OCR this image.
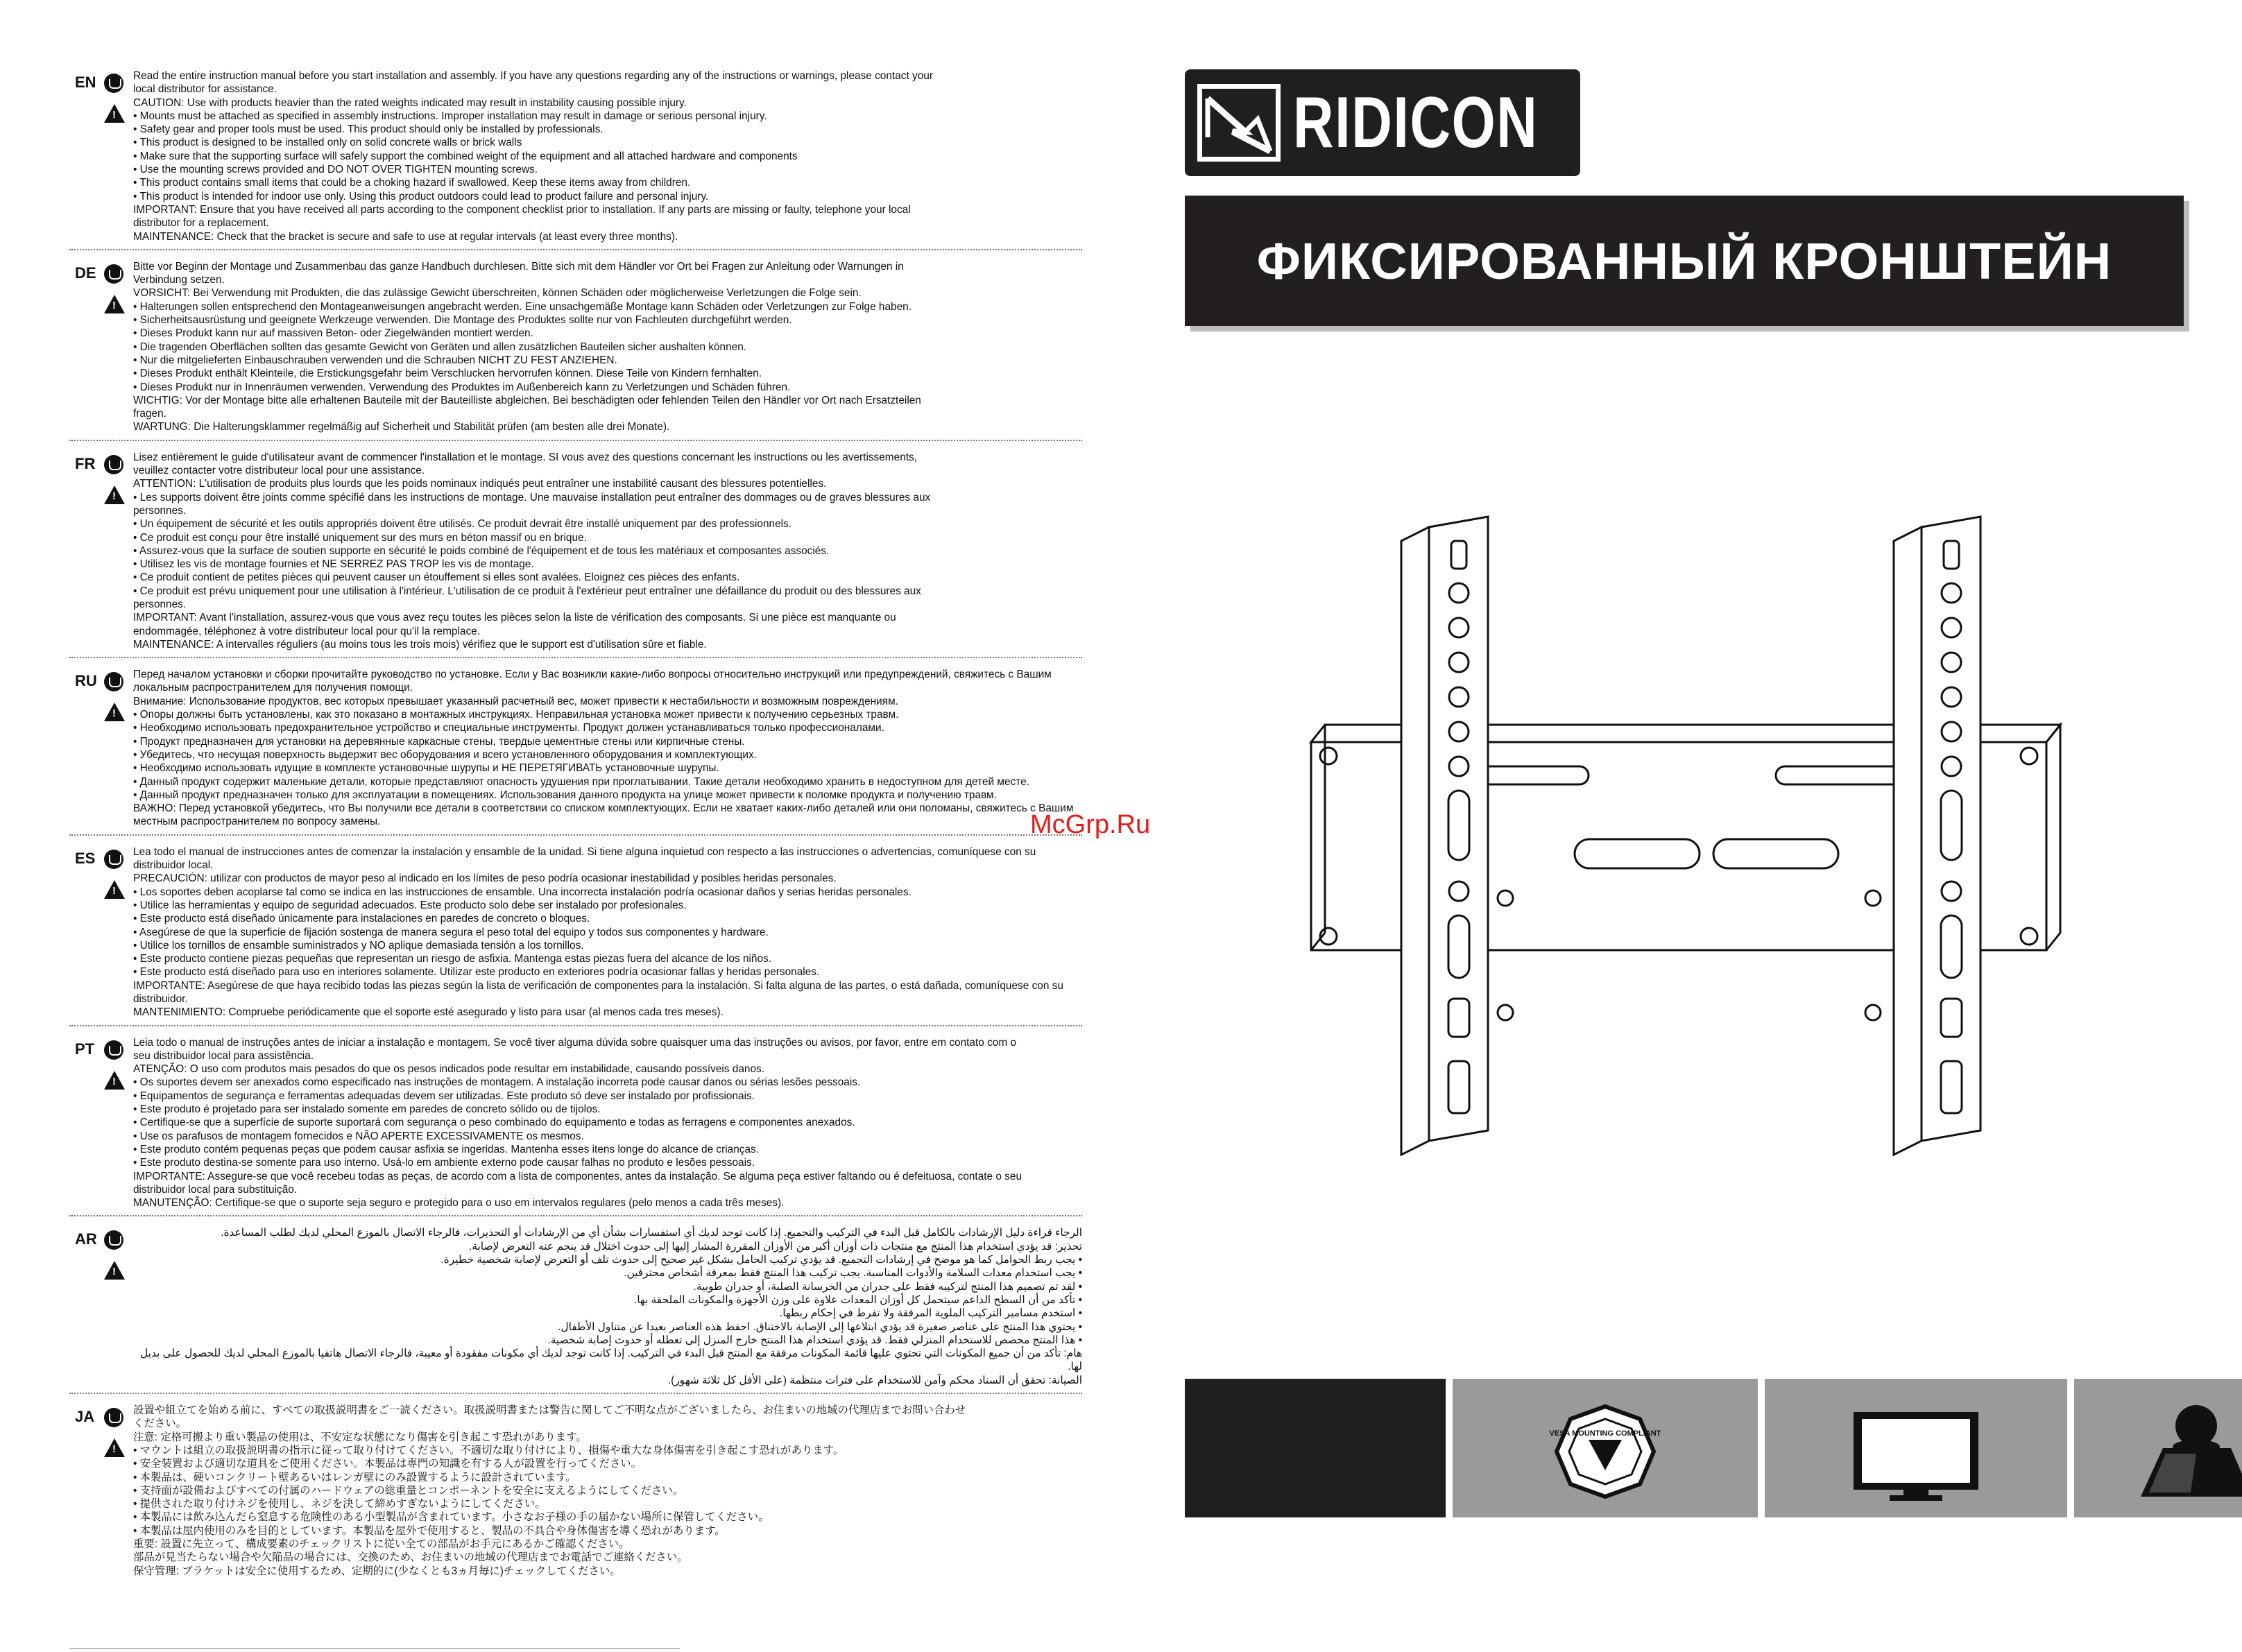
EN
!	Read the entire instruction manual before you start installation and assembly. If you have any questions regarding any of the instructions or warnings, please contact your
local distributor for assistance.
CAUTION: Use with products heavier than the rated weights indicated may result in instability causing possible injury.
• Mounts must be attached as specified in assembly instructions. Improper installation may result in damage or serious personal injury.
• Safety gear and proper tools must be used. This product should only be installed by professionals.
• This product is designed to be installed only on solid concrete walls or brick walls
• Make sure that the supporting surface will safely support the combined weight of the equipment and all attached hardware and components
• Use the mounting screws provided and DO NOT OVER TIGHTEN mounting screws.
• This product contains small items that could be a choking hazard if swallowed. Keep these items away from children.
• This product is intended for indoor use only. Using this product outdoors could lead to product failure and personal injury.
IMPORTANT: Ensure that you have received all parts according to the component checklist prior to installation. If any parts are missing or faulty, telephone your local
distributor for a replacement.
MAINTENANCE: Check that the bracket is secure and safe to use at regular intervals (at least every three months).
DE
!	Bitte vor Beginn der Montage und Zusammenbau das ganze Handbuch durchlesen. Bitte sich mit dem Händler vor Ort bei Fragen zur Anleitung oder Warnungen in
Verbindung setzen.
VORSICHT: Bei Verwendung mit Produkten, die das zulässige Gewicht überschreiten, können Schäden oder möglicherweise Verletzungen die Folge sein.
• Halterungen sollen entsprechend den Montageanweisungen angebracht werden. Eine unsachgemäße Montage kann Schäden oder Verletzungen zur Folge haben.
• Sicherheitsausrüstung und geeignete Werkzeuge verwenden. Die Montage des Produktes sollte nur von Fachleuten durchgeführt werden.
• Dieses Produkt kann nur auf massiven Beton- oder Ziegelwänden montiert werden.
• Die tragenden Oberflächen sollten das gesamte Gewicht von Geräten und allen zusätzlichen Bauteilen sicher aushalten können.
• Nur die mitgelieferten Einbauschrauben verwenden und die Schrauben NICHT ZU FEST ANZIEHEN.
• Dieses Produkt enthält Kleinteile, die Erstickungsgefahr beim Verschlucken hervorrufen können. Diese Teile von Kindern fernhalten.
• Dieses Produkt nur in Innenräumen verwenden. Verwendung des Produktes im Außenbereich kann zu Verletzungen und Schäden führen.
WICHTIG: Vor der Montage bitte alle erhaltenen Bauteile mit der Bauteilliste abgleichen. Bei beschädigten oder fehlenden Teilen den Händler vor Ort nach Ersatzteilen
fragen.
WARTUNG: Die Halterungsklammer regelmäßig auf Sicherheit und Stabilität prüfen (am besten alle drei Monate).
FR
!	Lisez entièrement le guide d'utilisateur avant de commencer l'installation et le montage. SI vous avez des questions concernant les instructions ou les avertissements,
veuillez contacter votre distributeur local pour une assistance.
ATTENTION: L'utilisation de produits plus lourds que les poids nominaux indiqués peut entraîner une instabilité causant des blessures potentielles.
• Les supports doivent être joints comme spécifié dans les instructions de montage. Une mauvaise installation peut entraîner des dommages ou de graves blessures aux
personnes.
• Un équipement de sécurité et les outils appropriés doivent être utilisés. Ce produit devrait être installé uniquement par des professionnels.
• Ce produit est conçu pour être installé uniquement sur des murs en béton massif ou en brique.
• Assurez-vous que la surface de soutien supporte en sécurité le poids combiné de l'équipement et de tous les matériaux et composantes associés.
• Utilisez les vis de montage fournies et NE SERREZ PAS TROP les vis de montage.
• Ce produit contient de petites pièces qui peuvent causer un étouffement si elles sont avalées. Eloignez ces pièces des enfants.
• Ce produit est prévu uniquement pour une utilisation à l'intérieur. L'utilisation de ce produit à l'extérieur peut entraîner une défaillance du produit ou des blessures aux
personnes.
IMPORTANT: Avant l'installation, assurez-vous que vous avez reçu toutes les pièces selon la liste de vérification des composants. Si une pièce est manquante ou
endommagée, téléphonez à votre distributeur local pour qu'il la remplace.
MAINTENANCE: A intervalles réguliers (au moins tous les trois mois) vérifiez que le support est d'utilisation sûre et fiable.
RU
!	Перед началом установки и сборки прочитайте руководство по установке. Если у Вас возникли какие-либо вопросы относительно инструкций или предупреждений, свяжитесь с Вашим
локальным распространителем для получения помощи.
Внимание: Использование продуктов, вес которых превышает указанный расчетный вес, может привести к нестабильности и возможным повреждениям.
• Опоры должны быть установлены, как это показано в монтажных инструкциях. Неправильная установка может привести к получению серьезных травм.
• Необходимо использовать предохранительное устройство и специальные инструменты. Продукт должен устанавливаться только профессионалами.
• Продукт предназначен для установки на деревянные каркасные стены, твердые цементные стены или кирпичные стены.
• Убедитесь, что несущая поверхность выдержит вес оборудования и всего установленного оборудования и комплектующих.
• Необходимо использовать идущие в комплекте установочные шурупы и НЕ ПЕРЕТЯГИВАТЬ установочные шурупы.
• Данный продукт содержит маленькие детали, которые представляют опасность удушения при проглатывании. Такие детали необходимо хранить в недоступном для детей месте.
• Данный продукт предназначен только для эксплуатации в помещениях. Использования данного продукта на улице может привести к поломке продукта и получению травм.
ВАЖНО: Перед установкой убедитесь, что Вы получили все детали в соответствии со списком комплектующих. Если не хватает каких-либо деталей или они поломаны, свяжитесь с Вашим
местным распространителем по вопросу замены.
ES
!	Lea todo el manual de instrucciones antes de comenzar la instalación y ensamble de la unidad. Si tiene alguna inquietud con respecto a las instrucciones o advertencias, comuníquese con su
distribuidor local.
PRECAUCIÓN: utilizar con productos de mayor peso al indicado en los límites de peso podría ocasionar inestabilidad y posibles heridas personales.
• Los soportes deben acoplarse tal como se indica en las instrucciones de ensamble. Una incorrecta instalación podría ocasionar daños y serias heridas personales.
• Utilice las herramientas y equipo de seguridad adecuados. Este producto solo debe ser instalado por profesionales.
• Este producto está diseñado únicamente para instalaciones en paredes de concreto o bloques.
• Asegúrese de que la superficie de fijación sostenga de manera segura el peso total del equipo y todos sus componentes y hardware.
• Utilice los tornillos de ensamble suministrados y NO aplique demasiada tensión a los tornillos.
• Este producto contiene piezas pequeñas que representan un riesgo de asfixia. Mantenga estas piezas fuera del alcance de los niños.
• Este producto está diseñado para uso en interiores solamente. Utilizar este producto en exteriores podría ocasionar fallas y heridas personales.
IMPORTANTE: Asegúrese de que haya recibido todas las piezas según la lista de verificación de componentes para la instalación. Si falta alguna de las partes, o está dañada, comuníquese con su
distribuidor.
MANTENIMIENTO: Compruebe periódicamente que el soporte esté asegurado y listo para usar (al menos cada tres meses).
PT
!	Leia todo o manual de instruções antes de iniciar a instalação e montagem. Se você tiver alguma dúvida sobre quaisquer uma das instruções ou avisos, por favor, entre em contato com o
seu distribuidor local para assistência.
ATENÇÃO: O uso com produtos mais pesados do que os pesos indicados pode resultar em instabilidade, causando possíveis danos.
• Os suportes devem ser anexados como especificado nas instruções de montagem. A instalação incorreta pode causar danos ou sérias lesões pessoais.
• Equipamentos de segurança e ferramentas adequadas devem ser utilizadas. Este produto só deve ser instalado por profissionais.
• Este produto é projetado para ser instalado somente em paredes de concreto sólido ou de tijolos.
• Certifique-se que a superfície de suporte suportará com segurança o peso combinado do equipamento e todas as ferragens e componentes anexados.
• Use os parafusos de montagem fornecidos e NÃO APERTE EXCESSIVAMENTE os mesmos.
• Este produto contém pequenas peças que podem causar asfixia se ingeridas. Mantenha esses itens longe do alcance de crianças.
• Este produto destina-se somente para uso interno. Usá-lo em ambiente externo pode causar falhas no produto e lesões pessoais.
IMPORTANTE: Assegure-se que você recebeu todas as peças, de acordo com a lista de componentes, antes da instalação. Se alguma peça estiver faltando ou é defeituosa, contate o seu
distribuidor local para substituição.
MANUTENÇÃO: Certifique-se que o suporte seja seguro e protegido para o uso em intervalos regulares (pelo menos a cada três meses).
AR
!	الرجاء قراءة دليل الإرشادات بالكامل قبل البدء في التركيب والتجميع. إذا كانت توجد لديك أي استفسارات بشأن أي من الإرشادات أو التحذيرات، فالرجاء الاتصال بالموزع المحلي لديك لطلب المساعدة.
تحذير: قد يؤدي استخدام هذا المنتج مع منتجات ذات أوزان أكبر من الأوزان المقررة المشار إليها إلى حدوث اختلال قد ينجم عنه التعرض لإصابة.
• يجب ربط الحوامل كما هو موضح في إرشادات التجميع. قد يؤدي تركيب الحامل بشكل غير صحيح إلى حدوث تلف أو التعرض لإصابة شخصية خطيرة.
• يجب استخدام معدات السلامة والأدوات المناسبة. يجب تركيب هذا المنتج فقط بمعرفة أشخاص محترفين.
• لقد تم تصميم هذا المنتج لتركيبه فقط على جدران من الخرسانة الصلبة، أو جدران طوبية.
• تأكد من أن السطح الداعم سيتحمل كل أوزان المعدات علاوة على وزن الأجهزة والمكونات الملحقة بها.
• استخدم مسامير التركيب الملوية المرفقة ولا تفرط في إحكام ربطها.
• يحتوي هذا المنتج على عناصر صغيرة قد يؤدي ابتلاعها إلى الإصابة بالاختناق. احفظ هذه العناصر بعيدا عن متناول الأطفال.
• هذا المنتج مخصص للاستخدام المنزلي فقط. قد يؤدي استخدام هذا المنتج خارج المنزل إلى تعطله أو حدوث إصابة شخصية.
هام: تأكد من أن جميع المكونات التي تحتوي عليها قائمة المكونات مرفقة مع المنتج قبل البدء في التركيب. إذا كانت توجد لديك أي مكونات مفقودة أو معيبة، فالرجاء الاتصال هاتفيا بالموزع المحلي لديك للحصول على بديل لها.
الصيانة: تحقق أن السناد محكم وآمن للاستخدام على فترات منتظمة (على الأقل كل ثلاثة شهور).
JA
!	設置や組立てを始める前に、すべての取扱説明書をご一読ください。取扱説明書または警告に関してご不明な点がございましたら、お住まいの地域の代理店までお問い合わせ
ください。
注意: 定格可搬より重い製品の使用は、不安定な状態になり傷害を引き起こす恐れがあります。
• マウントは組立の取扱説明書の指示に従って取り付けてください。不適切な取り付けにより、損傷や重大な身体傷害を引き起こす恐れがあります。
• 安全装置および適切な道具をご使用ください。本製品は専門の知識を有する人が設置を行ってください。
• 本製品は、硬いコンクリート壁あるいはレンガ壁にのみ設置するように設計されています。
• 支持面が設備およびすべての付属のハードウェアの総重量とコンポーネントを安全に支えるようにしてください。
• 提供された取り付けネジを使用し、ネジを決して締めすぎないようにしてください。
• 本製品には飲み込んだら窒息する危険性のある小型製品が含まれています。小さなお子様の手の届かない場所に保管してください。
• 本製品は屋内使用のみを目的としています。本製品を屋外で使用すると、製品の不具合や身体傷害を導く恐れがあります。
重要: 設置に先立って、構成要素のチェックリストに従い全ての部品がお手元にあるかご確認ください。
部品が見当たらない場合や欠陥品の場合には、交換のため、お住まいの地域の代理店までお電話でご連絡ください。
保守管理: ブラケットは安全に使用するため、定期的に(少なくとも3ヵ月毎に)チェックしてください。
RIDICON
ФИКСИРОВАННЫЙ КРОНШТЕЙН
McGrp.Ru
VESA MOUNTING COMPLIANT
